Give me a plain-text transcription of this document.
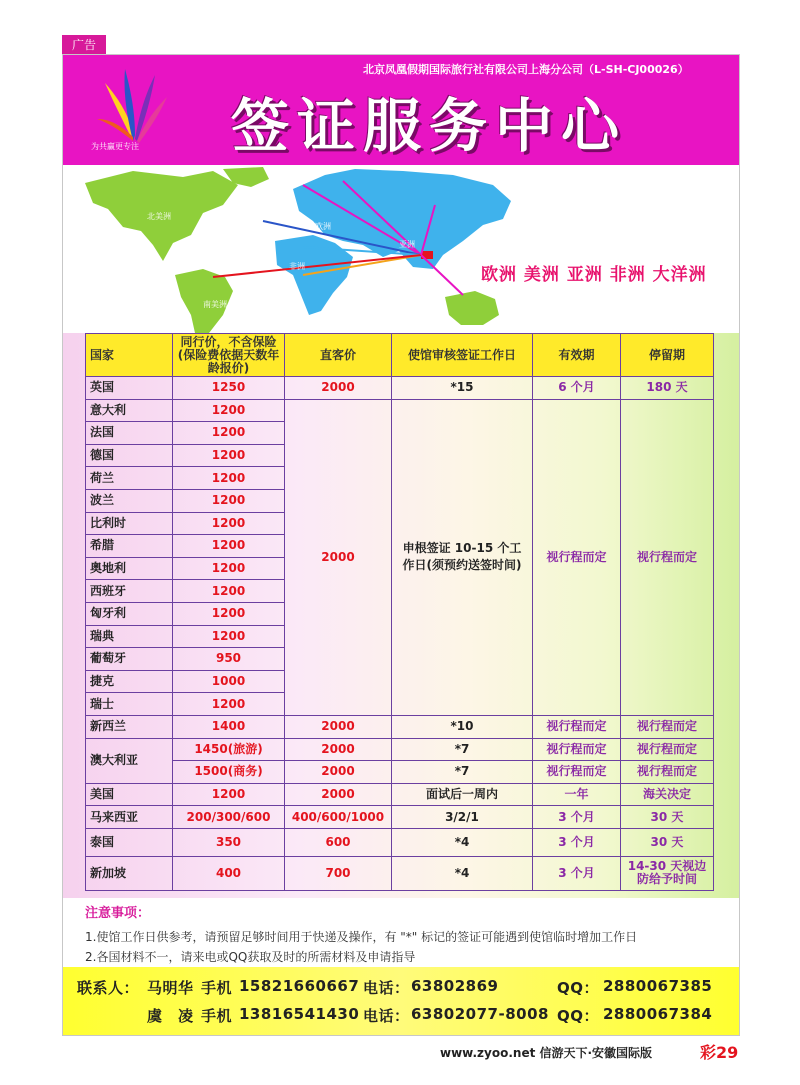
广告
为共赢更专注
北京凤凰假期国际旅行社有限公司上海分公司（L-SH-CJ00026）
签证服务中心
北美洲
欧洲
亚洲
非洲
南美洲
欧洲 美洲 亚洲 非洲 大洋洲
国家	同行价，不含保险(保险费依据天数年龄报价)	直客价	使馆审核签证工作日	有效期	停留期
英国	1250	2000	*15	6 个月	180 天
意大利	1200	2000	申根签证 10-15 个工作日(须预约送签时间)	视行程而定	视行程而定
法国	1200				
德国	1200				
荷兰	1200				
波兰	1200				
比利时	1200				
希腊	1200				
奥地利	1200				
西班牙	1200				
匈牙利	1200				
瑞典	1200				
葡萄牙	950				
捷克	1000				
瑞士	1200				
新西兰	1400	2000	*10	视行程而定	视行程而定
澳大利亚	1450(旅游)	2000	*7	视行程而定	视行程而定
	1500(商务)	2000	*7	视行程而定	视行程而定
美国	1200	2000	面试后一周内	一年	海关决定
马来西亚	200/300/600	400/600/1000	3/2/1	3 个月	30 天
泰国	350	600	*4	3 个月	30 天
新加坡	400	700	*4	3 个月	14-30 天视边防给予时间
注意事项：
1.使馆工作日供参考，请预留足够时间用于快递及操作，有 "*" 标记的签证可能遇到使馆临时增加工作日
2.各国材料不一，请来电或QQ获取及时的所需材料及申请指导
联系人： 马明华 手机 15821660667 电话： 63802869	QQ： 2880067385
虞　凌 手机 13816541430 电话： 63802077-8008 QQ： 2880067384
www.zyoo.net 信游天下·安徽国际版	彩29
